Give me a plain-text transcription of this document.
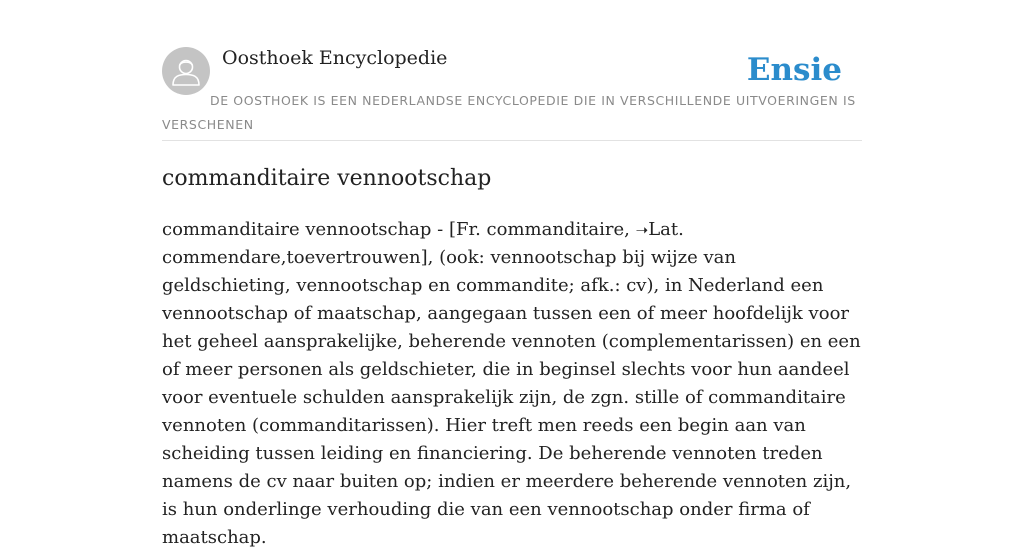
Oosthoek Encyclopedie	Ensie
DE OOSTHOEK IS EEN NEDERLANDSE ENCYCLOPEDIE DIE IN VERSCHILLENDE UITVOERINGEN IS VERSCHENEN
commanditaire vennootschap

commanditaire vennootschap - [Fr. commanditaire, ➝Lat. commendare,toevertrouwen], (ook: vennootschap bij wijze van geldschieting, vennootschap en commandite; afk.: cv), in Nederland een vennootschap of maatschap, aangegaan tussen een of meer hoofdelijk voor het geheel aansprakelijke, beherende vennoten (complementarissen) en een of meer personen als geldschieter, die in beginsel slechts voor hun aandeel voor eventuele schulden aansprakelijk zijn, de zgn. stille of commanditaire vennoten (commanditarissen). Hier treft men reeds een begin aan van scheiding tussen leiding en financiering. De beherende vennoten treden namens de cv naar buiten op; indien er meerdere beherende vennoten zijn, is hun onderlinge verhouding die van een vennootschap onder firma of maatschap.
